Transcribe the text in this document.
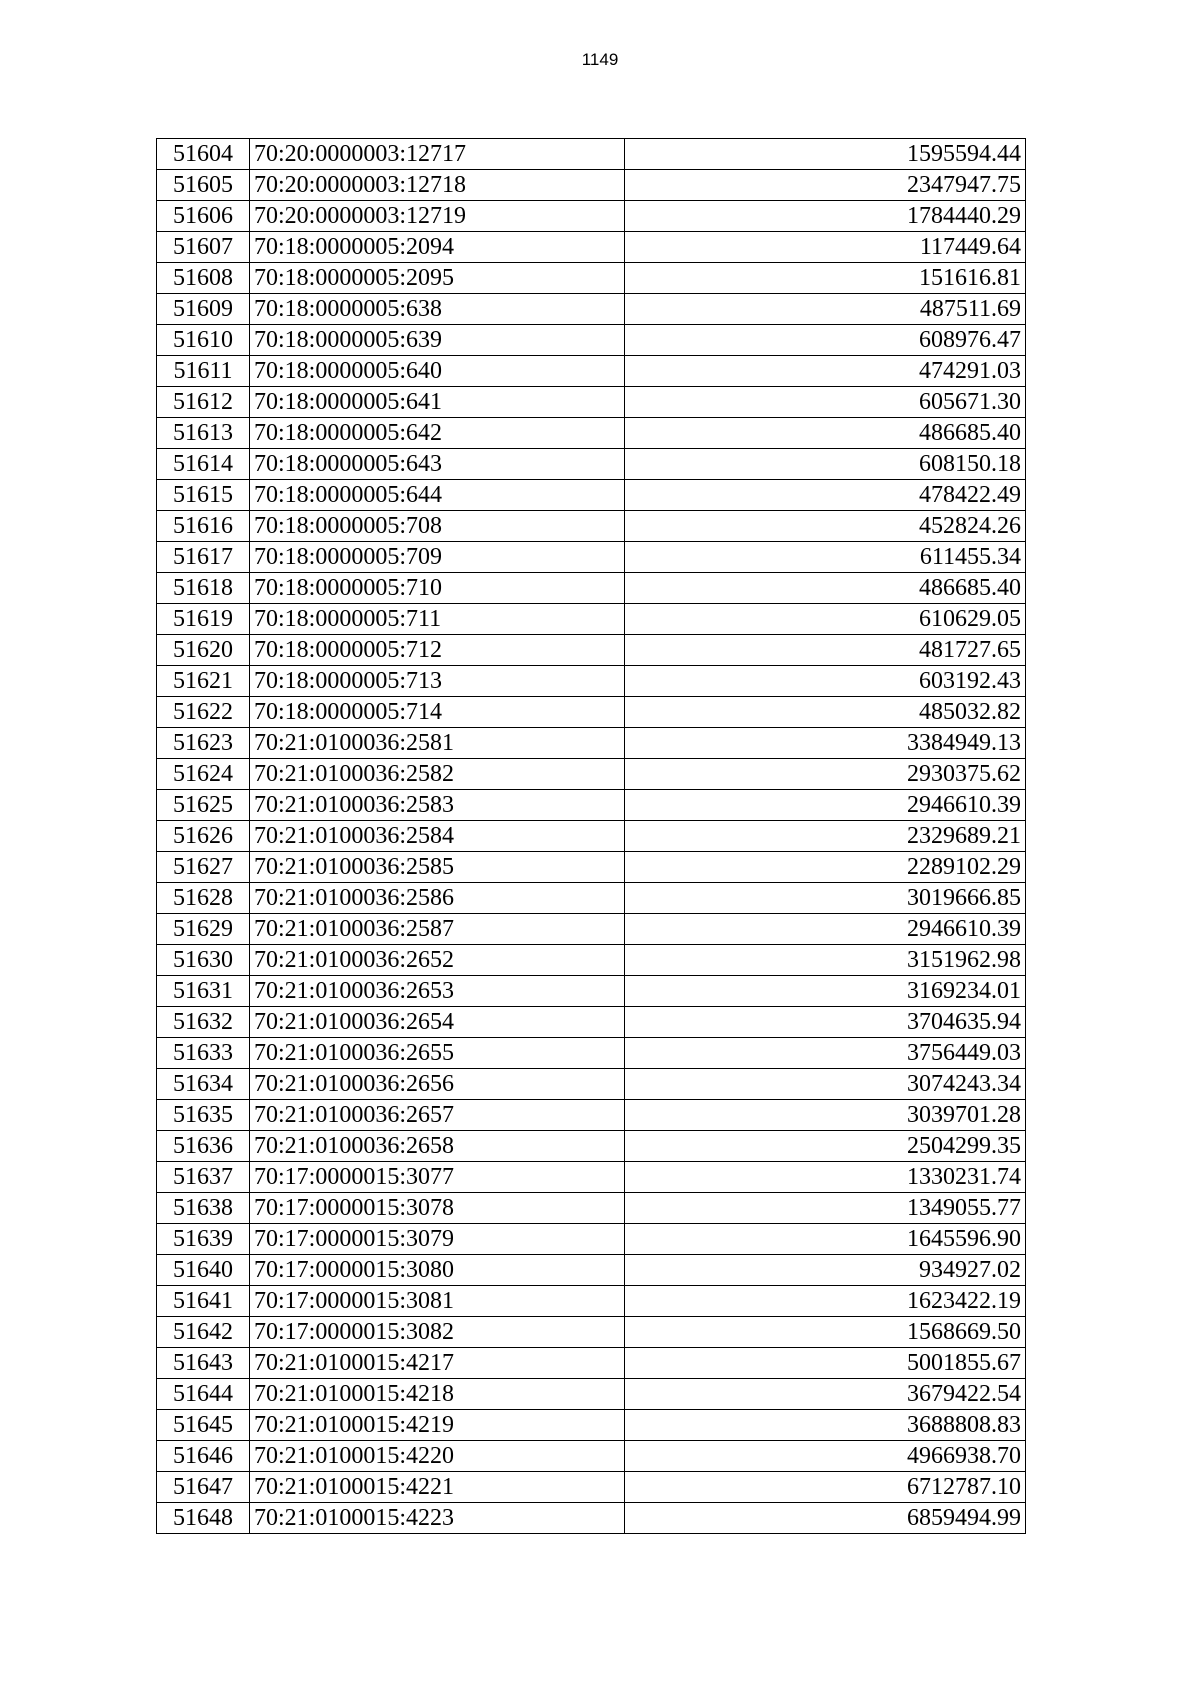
1149
51604	70:20:0000003:12717	1595594.44
51605	70:20:0000003:12718	2347947.75
51606	70:20:0000003:12719	1784440.29
51607	70:18:0000005:2094	117449.64
51608	70:18:0000005:2095	151616.81
51609	70:18:0000005:638	487511.69
51610	70:18:0000005:639	608976.47
51611	70:18:0000005:640	474291.03
51612	70:18:0000005:641	605671.30
51613	70:18:0000005:642	486685.40
51614	70:18:0000005:643	608150.18
51615	70:18:0000005:644	478422.49
51616	70:18:0000005:708	452824.26
51617	70:18:0000005:709	611455.34
51618	70:18:0000005:710	486685.40
51619	70:18:0000005:711	610629.05
51620	70:18:0000005:712	481727.65
51621	70:18:0000005:713	603192.43
51622	70:18:0000005:714	485032.82
51623	70:21:0100036:2581	3384949.13
51624	70:21:0100036:2582	2930375.62
51625	70:21:0100036:2583	2946610.39
51626	70:21:0100036:2584	2329689.21
51627	70:21:0100036:2585	2289102.29
51628	70:21:0100036:2586	3019666.85
51629	70:21:0100036:2587	2946610.39
51630	70:21:0100036:2652	3151962.98
51631	70:21:0100036:2653	3169234.01
51632	70:21:0100036:2654	3704635.94
51633	70:21:0100036:2655	3756449.03
51634	70:21:0100036:2656	3074243.34
51635	70:21:0100036:2657	3039701.28
51636	70:21:0100036:2658	2504299.35
51637	70:17:0000015:3077	1330231.74
51638	70:17:0000015:3078	1349055.77
51639	70:17:0000015:3079	1645596.90
51640	70:17:0000015:3080	934927.02
51641	70:17:0000015:3081	1623422.19
51642	70:17:0000015:3082	1568669.50
51643	70:21:0100015:4217	5001855.67
51644	70:21:0100015:4218	3679422.54
51645	70:21:0100015:4219	3688808.83
51646	70:21:0100015:4220	4966938.70
51647	70:21:0100015:4221	6712787.10
51648	70:21:0100015:4223	6859494.99
